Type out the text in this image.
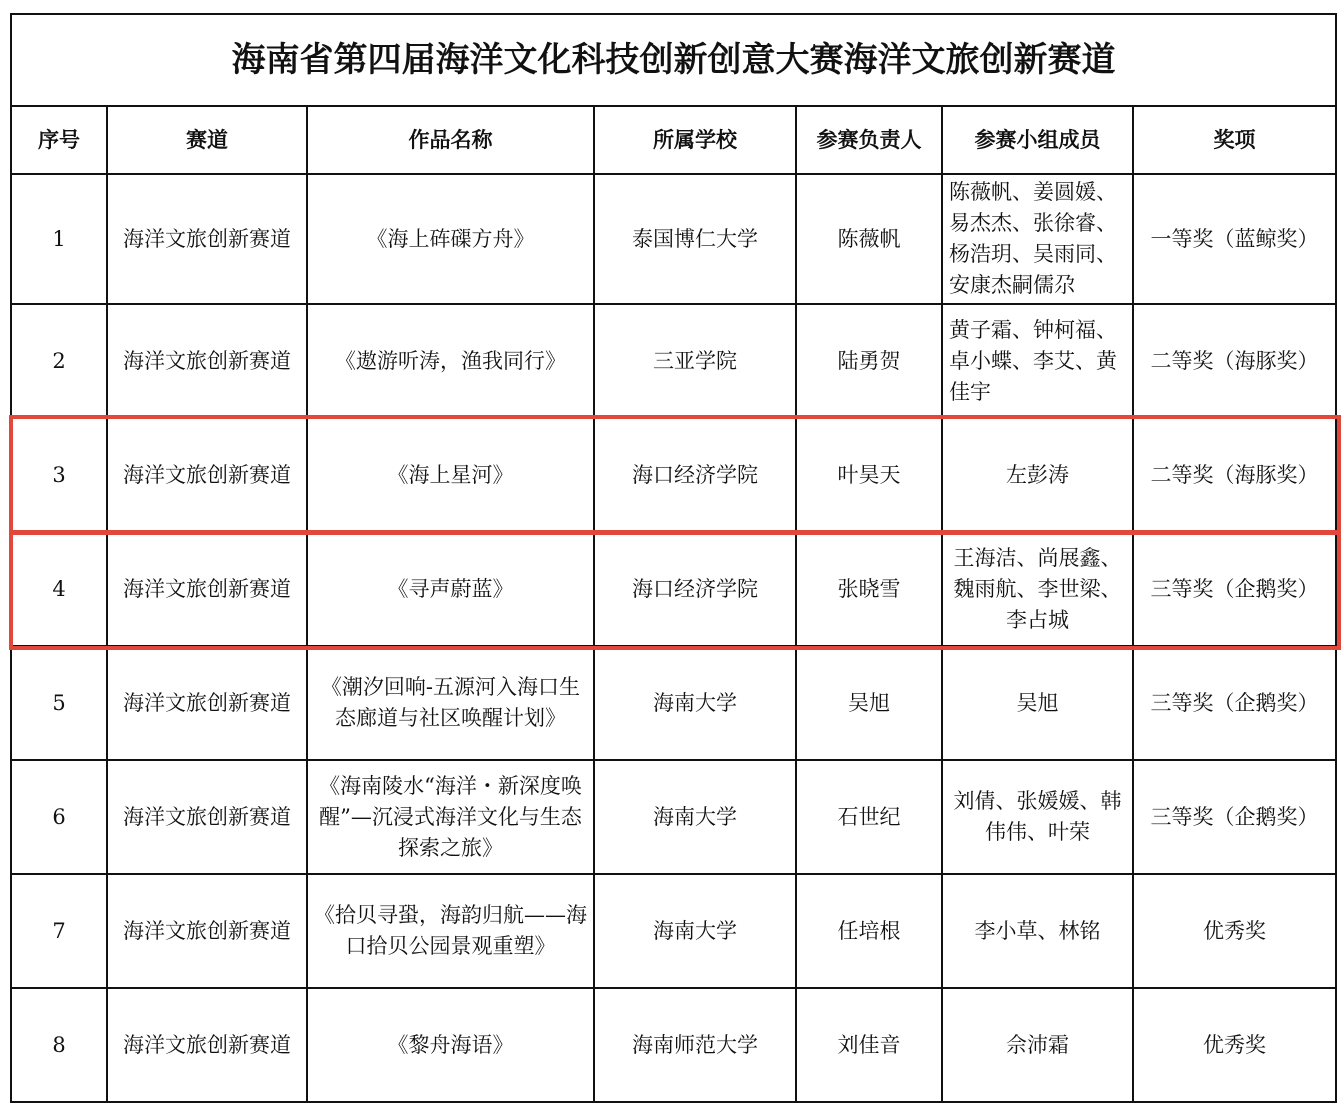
海南省第四届海洋文化科技创新创意大赛海洋文旅创新赛道						
序号	赛道	作品名称	所属学校	参赛负责人	参赛小组成员	奖项
1	海洋文旅创新赛道	《海上砗磲方舟》	泰国博仁大学	陈薇帆	陈薇帆、姜圆媛、
易杰杰、张徐睿、
杨浩玥、吴雨同、
安康杰嗣儒尕	一等奖（蓝鲸奖）
2	海洋文旅创新赛道	《遨游听涛，渔我同行》	三亚学院	陆勇贺	黄子霜、钟柯福、
卓小蝶、李艾、黄
佳宇	二等奖（海豚奖）
3	海洋文旅创新赛道	《海上星河》	海口经济学院	叶昊天	左彭涛	二等奖（海豚奖）
4	海洋文旅创新赛道	《寻声蔚蓝》	海口经济学院	张晓雪	王海洁、尚展鑫、
魏雨航、李世梁、
李占城	三等奖（企鹅奖）
5	海洋文旅创新赛道	《潮汐回响-五源河入海口生态廊道与社区唤醒计划》	海南大学	吴旭	吴旭	三等奖（企鹅奖）
6	海洋文旅创新赛道	《海南陵水“海洋・新深度唤醒”—沉浸式海洋文化与生态探索之旅》	海南大学	石世纪	刘倩、张媛媛、韩
伟伟、叶荣	三等奖（企鹅奖）
7	海洋文旅创新赛道	《拾贝寻蛩，海韵归航——海口拾贝公园景观重塑》	海南大学	任培根	李小草、林铭	优秀奖
8	海洋文旅创新赛道	《黎舟海语》	海南师范大学	刘佳音	佘沛霜	优秀奖
